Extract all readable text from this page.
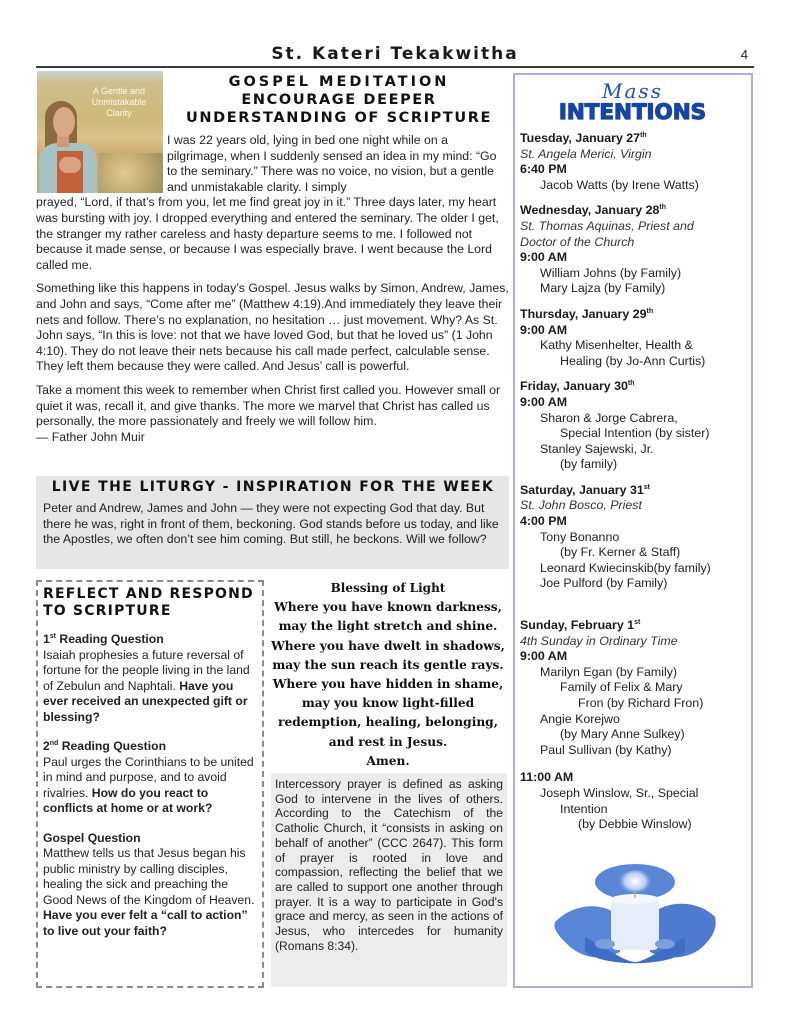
St. Kateri Tekakwitha	4
A Gentle and
Unmistakable
Clarity
GOSPEL MEDITATION
ENCOURAGE DEEPER
UNDERSTANDING OF SCRIPTURE

I was 22 years old, lying in bed one night while on a pilgrimage, when I suddenly sensed an idea in my mind: “Go to the seminary.” There was no voice, no vision, but a gentle and unmistakable clarity. I simply
prayed, “Lord, if that’s from you, let me find great joy in it.” Three days later, my heart was bursting with joy. I dropped everything and entered the seminary. The older I get, the stranger my rather careless and hasty departure seems to me. I followed not because it made sense, or because I was especially brave. I went because the Lord called me.

Something like this happens in today’s Gospel. Jesus walks by Simon, Andrew, James, and John and says, “Come after me” (Matthew 4:19).And immediately they leave their nets and follow. There’s no explanation, no hesitation … just movement. Why? As St. John says, “In this is love: not that we have loved God, but that he loved us” (1 John 4:10). They do not leave their nets because his call made perfect, calculable sense. They left them because they were called. And Jesus’ call is powerful.

Take a moment this week to remember when Christ first called you. However small or quiet it was, recall it, and give thanks. The more we marvel that Christ has called us personally, the more passionately and freely we will follow him.

— Father John Muir

LIVE THE LITURGY - INSPIRATION FOR THE WEEK
Peter and Andrew, James and John — they were not expecting God that day. But there he was, right in front of them, beckoning. God stands before us today, and like the Apostles, we often don’t see him coming. But still, he beckons. Will we follow?
REFLECT AND RESPOND
TO SCRIPTURE
1st Reading Question
Isaiah prophesies a future reversal of fortune for the people living in the land of Zebulun and Naphtali. Have you ever received an unexpected gift or blessing?
2nd Reading Question
Paul urges the Corinthians to be united in mind and purpose, and to avoid rivalries. How do you react to conflicts at home or at work?
Gospel Question
Matthew tells us that Jesus began his public ministry by calling disciples, healing the sick and preaching the Good News of the Kingdom of Heaven. Have you ever felt a “call to action” to live out your faith?
Blessing of Light
Where you have known darkness,
may the light stretch and shine.
Where you have dwelt in shadows,
may the sun reach its gentle rays.
Where you have hidden in shame,
may you know light-filled
redemption, healing, belonging,
and rest in Jesus.
Amen.
Intercessory prayer is defined as asking God to intervene in the lives of others. According to the Catechism of the Catholic Church, it “consists in asking on behalf of another” (CCC 2647). This form of prayer is rooted in love and compassion, reflecting the belief that we are called to support one another through prayer. It is a way to participate in God's grace and mercy, as seen in the actions of Jesus, who intercedes for humanity (Romans 8:34).
Mass
INTENTIONS
Tuesday, January 27th
St. Angela Merici, Virgin
6:40 PM
Jacob Watts (by Irene Watts)
Wednesday, January 28th
St. Thomas Aquinas, Priest and
Doctor of the Church
9:00 AM
William Johns (by Family)
Mary Lajza (by Family)
Thursday, January 29th
9:00 AM
Kathy Misenhelter, Health &
Healing (by Jo-Ann Curtis)
Friday, January 30th
9:00 AM
Sharon & Jorge Cabrera,
Special Intention (by sister)
Stanley Sajewski, Jr.
(by family)
Saturday, January 31st
St. John Bosco, Priest
4:00 PM
Tony Bonanno
(by Fr. Kerner & Staff)
Leonard Kwiecinskib(by family)
Joe Pulford (by Family)
Sunday, February 1st
4th Sunday in Ordinary Time
9:00 AM
Marilyn Egan (by Family)
Family of Felix & Mary
Fron (by Richard Fron)
Angie Korejwo
(by Mary Anne Sulkey)
Paul Sullivan (by Kathy)
11:00 AM
Joseph Winslow, Sr., Special
Intention
(by Debbie Winslow)
